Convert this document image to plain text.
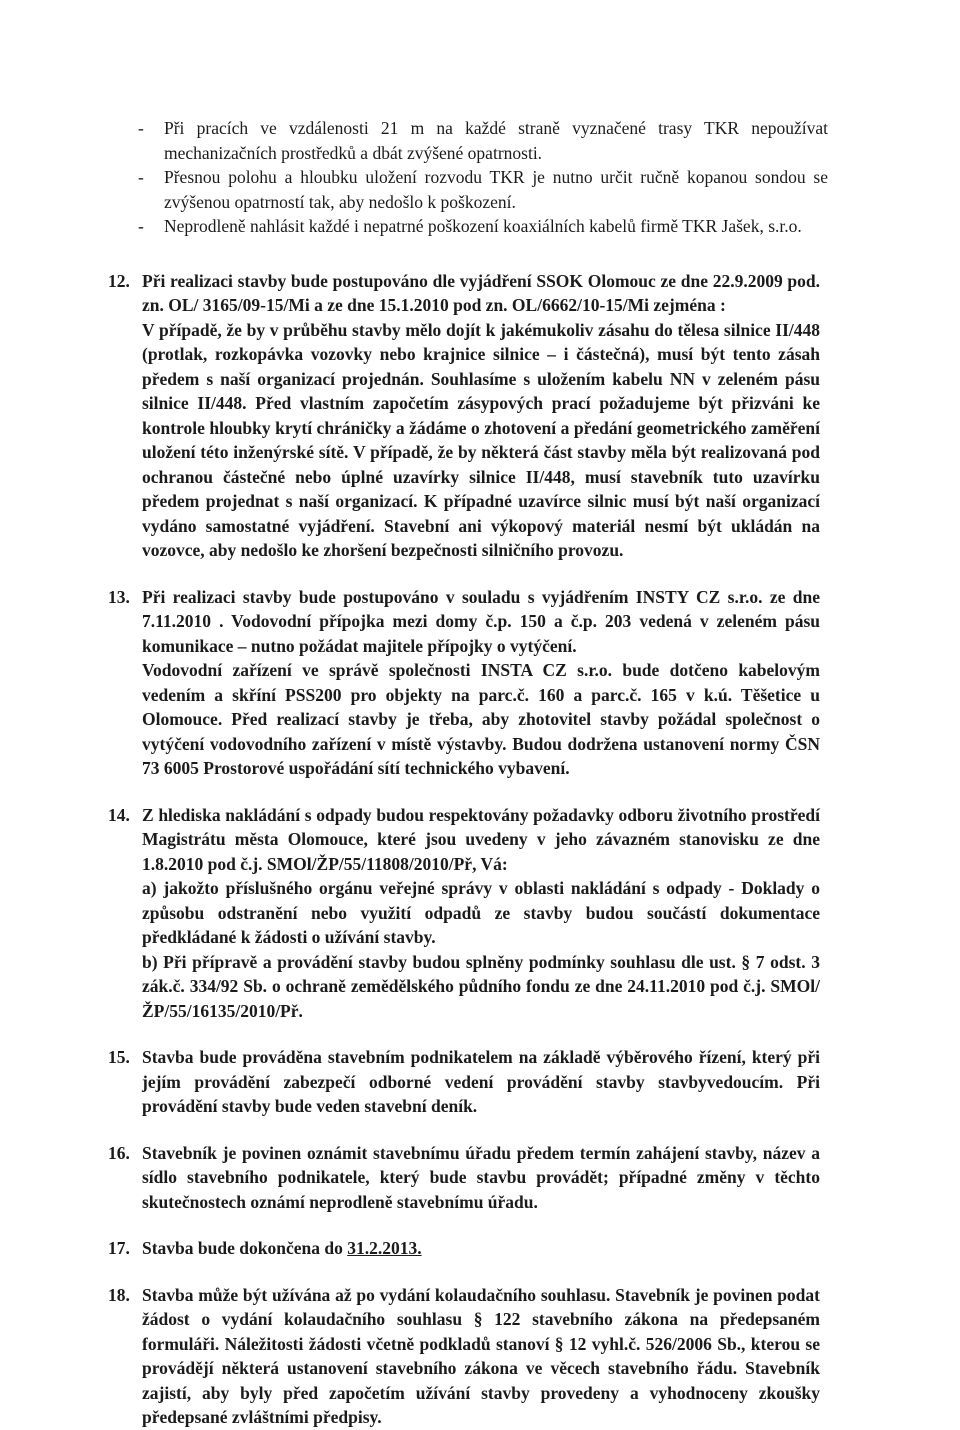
- Při pracích ve vzdálenosti 21 m na každé straně vyznačené trasy TKR nepoužívat mechanizačních prostředků a dbát zvýšené opatrnosti.
- Přesnou polohu a hloubku uložení rozvodu TKR je nutno určit ručně kopanou sondou se zvýšenou opatrností tak, aby nedošlo k poškození.
- Neprodleně nahlásit každé i nepatrné poškození koaxiálních kabelů firmě TKR Jašek, s.r.o.
12. Při realizaci stavby bude postupováno dle vyjádření SSOK Olomouc ze dne 22.9.2009 pod. zn. OL/ 3165/09-15/Mi a ze dne 15.1.2010 pod zn. OL/6662/10-15/Mi zejména :

V případě, že by v průběhu stavby mělo dojít k jakémukoliv zásahu do tělesa silnice II/448 (protlak, rozkopávka vozovky nebo krajnice silnice – i částečná), musí být tento zásah předem s naší organizací projednán. Souhlasíme s uložením kabelu NN v zeleném pásu silnice II/448. Před vlastním započetím zásypových prací požadujeme být přizváni ke kontrole hloubky krytí chráničky a žádáme o zhotovení a předání geometrického zaměření uložení této inženýrské sítě. V případě, že by některá část stavby měla být realizovaná pod ochranou částečné nebo úplné uzavírky silnice II/448, musí stavebník tuto uzavírku předem projednat s naší organizací. K případné uzavírce silnic musí být naší organizací vydáno samostatné vyjádření. Stavební ani výkopový materiál nesmí být ukládán na vozovce, aby nedošlo ke zhoršení bezpečnosti silničního provozu.

13. Při realizaci stavby bude postupováno v souladu s vyjádřením INSTY CZ s.r.o. ze dne 7.11.2010 . Vodovodní přípojka mezi domy č.p. 150 a č.p. 203 vedená v zeleném pásu komunikace – nutno požádat majitele přípojky o vytýčení.

Vodovodní zařízení ve správě společnosti INSTA CZ s.r.o. bude dotčeno kabelovým vedením a skříní PSS200 pro objekty na parc.č. 160 a parc.č. 165 v k.ú. Těšetice u Olomouce. Před realizací stavby je třeba, aby zhotovitel stavby požádal společnost o vytýčení vodovodního zařízení v místě výstavby. Budou dodržena ustanovení normy ČSN 73 6005 Prostorové uspořádání sítí technického vybavení.

14. Z hlediska nakládání s odpady budou respektovány požadavky odboru životního prostředí Magistrátu města Olomouce, které jsou uvedeny v jeho závazném stanovisku ze dne 1.8.2010 pod č.j. SMOl/ŽP/55/11808/2010/Př, Vá:

a) jakožto příslušného orgánu veřejné správy v oblasti nakládání s odpady - Doklady o způsobu odstranění nebo využití odpadů ze stavby budou součástí dokumentace předkládané k žádosti o užívání stavby.

b) Při přípravě a provádění stavby budou splněny podmínky souhlasu dle ust. § 7 odst. 3 zák.č. 334/92 Sb. o ochraně zemědělského půdního fondu ze dne 24.11.2010 pod č.j. SMOl/ŽP/55/16135/2010/Př.

15. Stavba bude prováděna stavebním podnikatelem na základě výběrového řízení, který při jejím provádění zabezpečí odborné vedení provádění stavby stavbyvedoucím. Při provádění stavby bude veden stavební deník.

16. Stavebník je povinen oznámit stavebnímu úřadu předem termín zahájení stavby, název a sídlo stavebního podnikatele, který bude stavbu provádět; případné změny v těchto skutečnostech oznámí neprodleně stavebnímu úřadu.

17. Stavba bude dokončena do 31.2.2013.

18. Stavba může být užívána až po vydání kolaudačního souhlasu. Stavebník je povinen podat žádost o vydání kolaudačního souhlasu § 122 stavebního zákona na předepsaném formuláři. Náležitosti žádosti včetně podkladů stanoví § 12 vyhl.č. 526/2006 Sb., kterou se provádějí některá ustanovení stavebního zákona ve věcech stavebního řádu. Stavebník zajistí, aby byly před započetím užívání stavby provedeny a vyhodnoceny zkoušky předepsané zvláštními předpisy.
